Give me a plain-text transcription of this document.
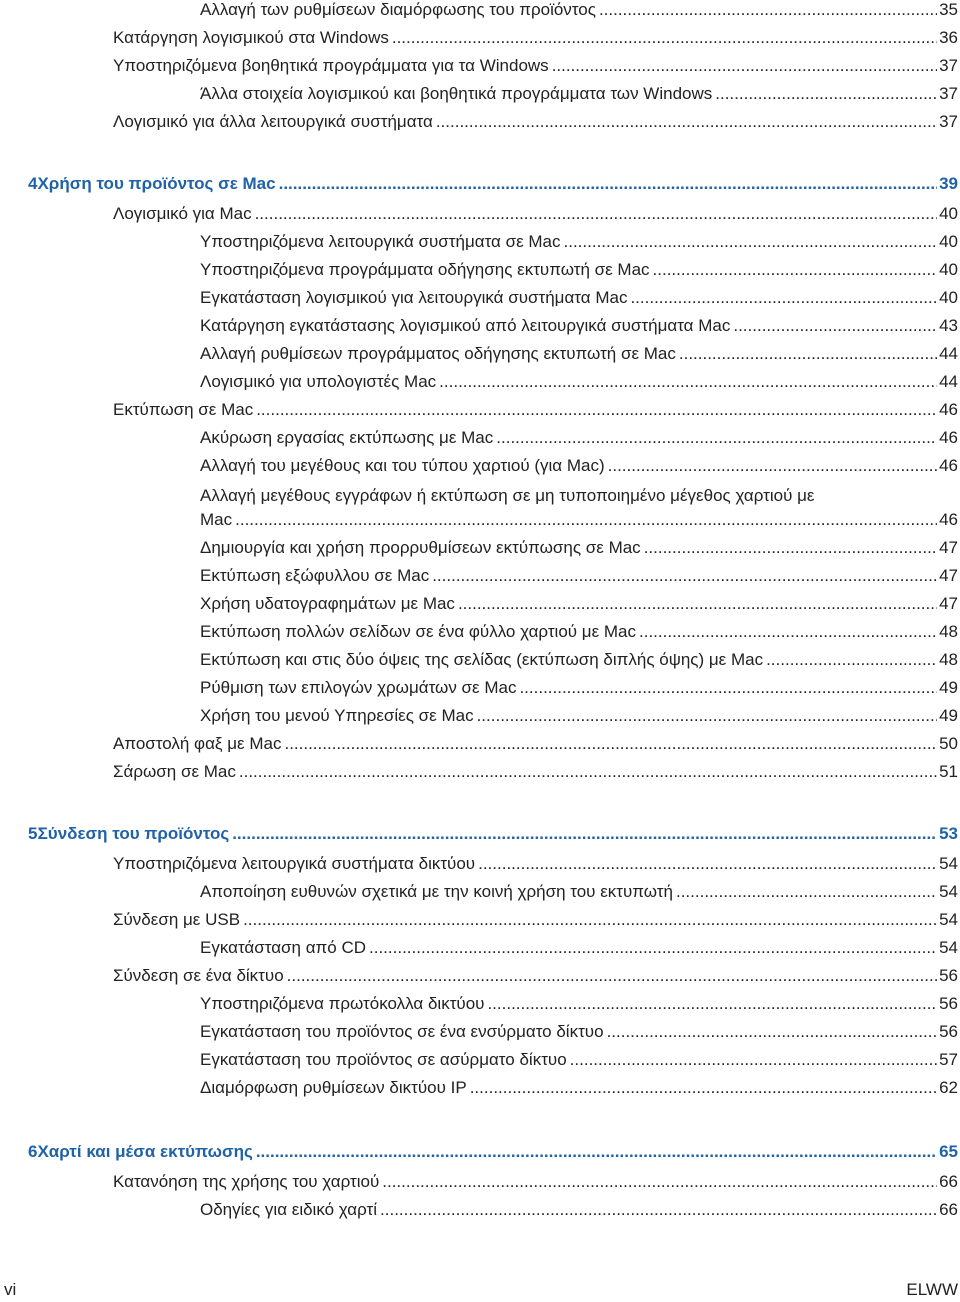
Αλλαγή των ρυθμίσεων διαμόρφωσης του προϊόντος .....	35
Κατάργηση λογισμικού στα Windows .....	36
Υποστηριζόμενα βοηθητικά προγράμματα για τα Windows .....	37
Άλλα στοιχεία λογισμικού και βοηθητικά προγράμματα των Windows .....	37
Λογισμικό για άλλα λειτουργικά συστήματα .....	37
4 Χρήση του προϊόντος σε Mac .....	39
Λογισμικό για Mac .....	40
Υποστηριζόμενα λειτουργικά συστήματα σε Mac .....	40
Υποστηριζόμενα προγράμματα οδήγησης εκτυπωτή σε Mac .....	40
Εγκατάσταση λογισμικού για λειτουργικά συστήματα Mac .....	40
Κατάργηση εγκατάστασης λογισμικού από λειτουργικά συστήματα Mac .....	43
Αλλαγή ρυθμίσεων προγράμματος οδήγησης εκτυπωτή σε Mac .....	44
Λογισμικό για υπολογιστές Mac .....	44
Εκτύπωση σε Mac .....	46
Ακύρωση εργασίας εκτύπωσης με Mac .....	46
Αλλαγή του μεγέθους και του τύπου χαρτιού (για Mac) .....	46
Αλλαγή μεγέθους εγγράφων ή εκτύπωση σε μη τυποποιημένο μέγεθος χαρτιού με
Mac .....	46
Δημιουργία και χρήση προρρυθμίσεων εκτύπωσης σε Mac .....	47
Εκτύπωση εξώφυλλου σε Mac .....	47
Χρήση υδατογραφημάτων με Mac .....	47
Εκτύπωση πολλών σελίδων σε ένα φύλλο χαρτιού με Mac .....	48
Εκτύπωση και στις δύο όψεις της σελίδας (εκτύπωση διπλής όψης) με Mac .....	48
Ρύθμιση των επιλογών χρωμάτων σε Mac .....	49
Χρήση του μενού Υπηρεσίες σε Mac .....	49
Αποστολή φαξ με Mac .....	50
Σάρωση σε Mac .....	51
5 Σύνδεση του προϊόντος .....	53
Υποστηριζόμενα λειτουργικά συστήματα δικτύου .....	54
Αποποίηση ευθυνών σχετικά με την κοινή χρήση του εκτυπωτή .....	54
Σύνδεση με USB .....	54
Εγκατάσταση από CD .....	54
Σύνδεση σε ένα δίκτυο .....	56
Υποστηριζόμενα πρωτόκολλα δικτύου .....	56
Εγκατάσταση του προϊόντος σε ένα ενσύρματο δίκτυο .....	56
Εγκατάσταση του προϊόντος σε ασύρματο δίκτυο .....	57
Διαμόρφωση ρυθμίσεων δικτύου IP .....	62
6 Χαρτί και μέσα εκτύπωσης .....	65
Κατανόηση της χρήσης του χαρτιού .....	66
Οδηγίες για ειδικό χαρτί .....	66
vi	ELWW
